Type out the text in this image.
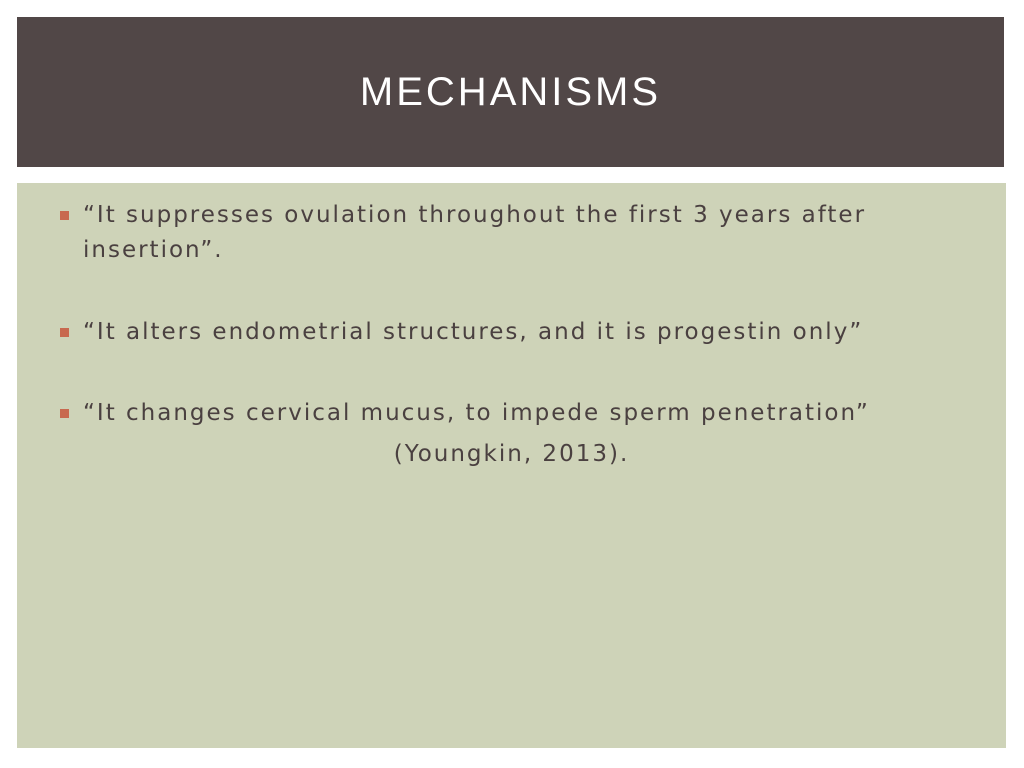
MECHANISMS
“It suppresses ovulation throughout the first 3 years after insertion”.
“It alters endometrial structures, and it is progestin only”
“It changes cervical mucus, to impede sperm penetration”
(Youngkin, 2013).
